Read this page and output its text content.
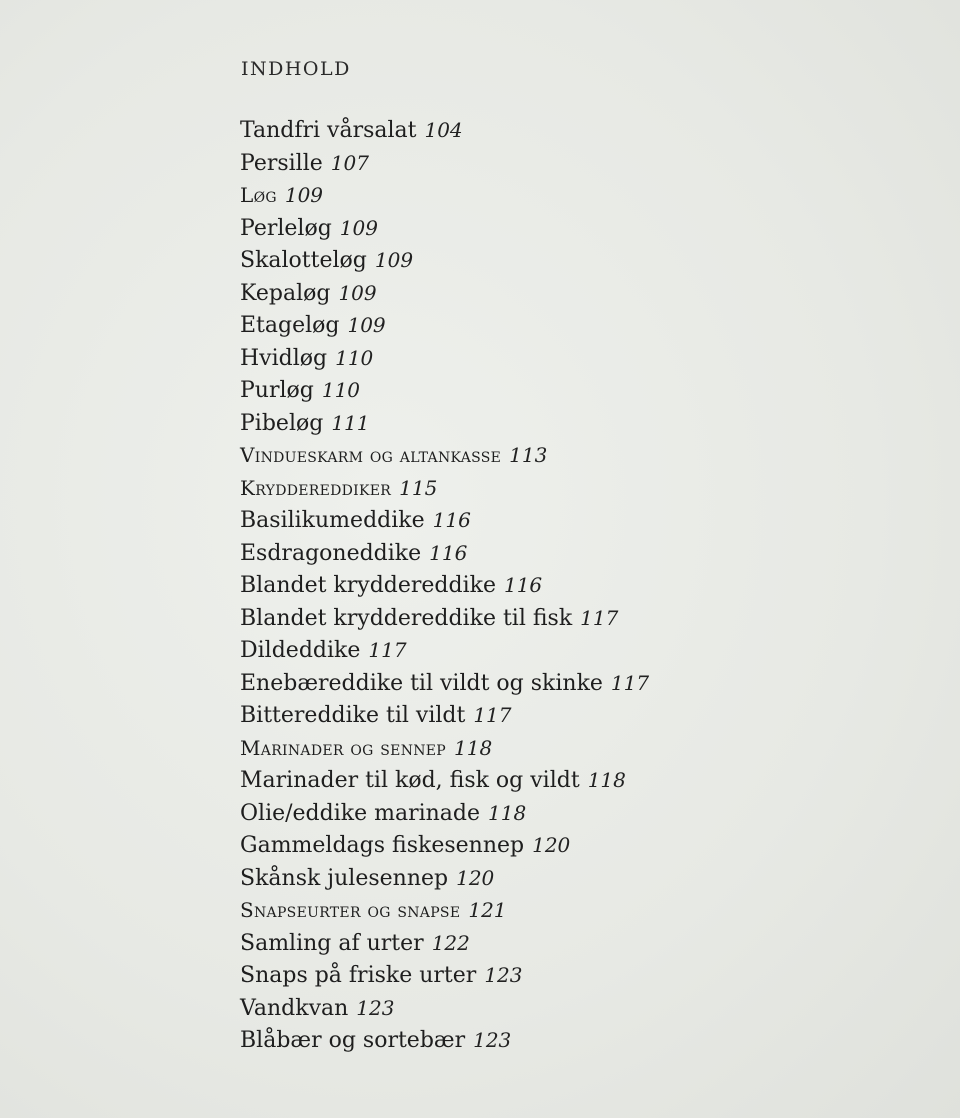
INDHOLD
Tandfri vårsalat 104
Persille 107
Løg 109
Perleløg 109
Skalotteløg 109
Kepaløg 109
Etageløg 109
Hvidløg 110
Purløg 110
Pibeløg 111
Vindueskarm og altankasse 113
Kryddereddiker 115
Basilikumeddike 116
Esdragoneddike 116
Blandet kryddereddike 116
Blandet kryddereddike til fisk 117
Dildeddike 117
Enebæreddike til vildt og skinke 117
Bittereddike til vildt 117
Marinader og sennep 118
Marinader til kød, fisk og vildt 118
Olie/eddike marinade 118
Gammeldags fiskesennep 120
Skånsk julesennep 120
Snapseurter og snapse 121
Samling af urter 122
Snaps på friske urter 123
Vandkvan 123
Blåbær og sortebær 123
